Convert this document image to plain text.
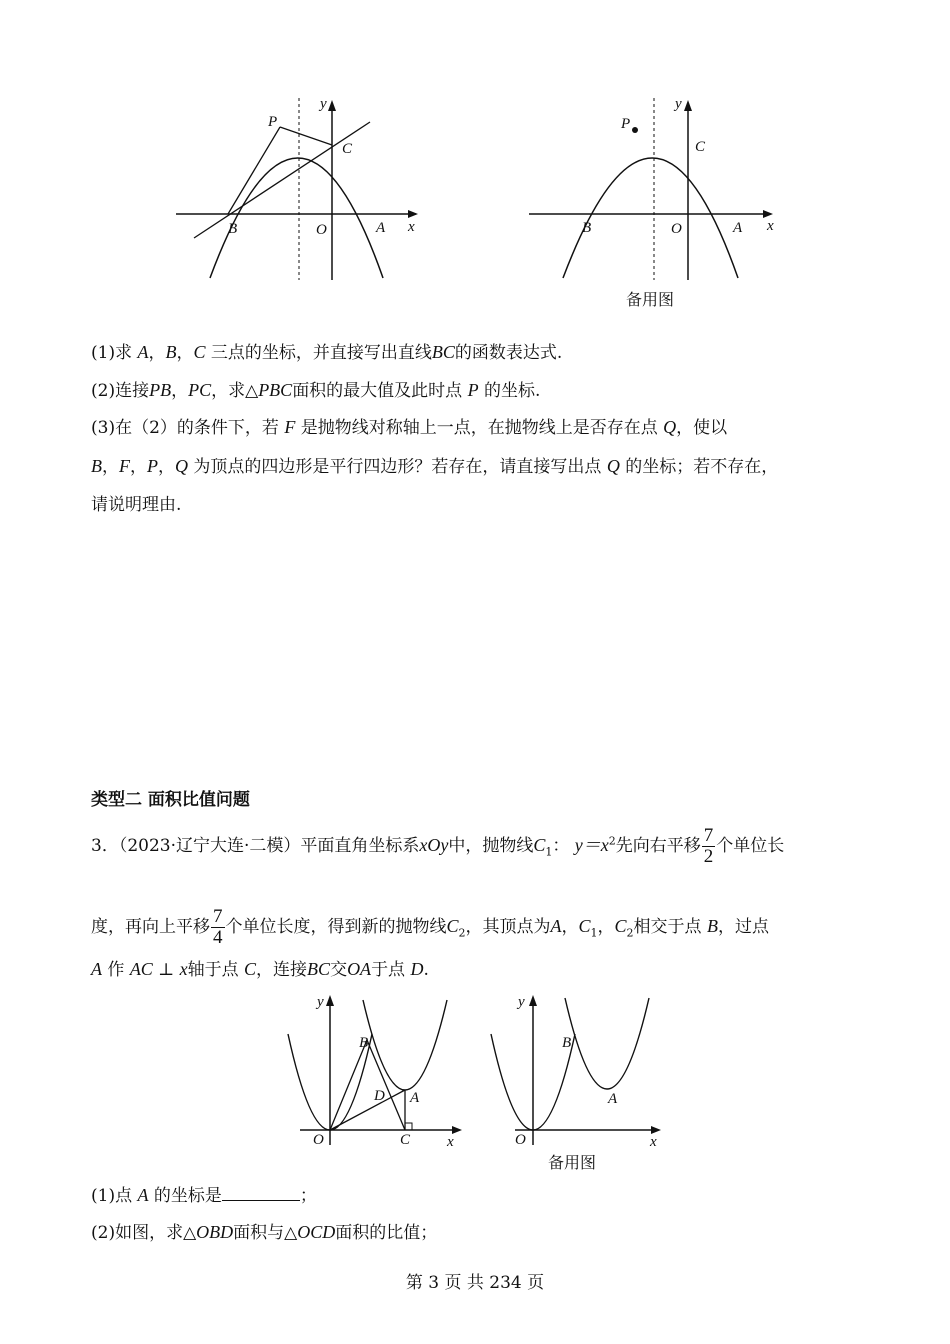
y
P
C
B	O	A x
y
P
C
B	O	A x
备用图
(1)求 A，B，C 三点的坐标，并直接写出直线BC的函数表达式.
(2)连接PB，PC，求△PBC面积的最大值及此时点 P 的坐标.
(3)在（2）的条件下，若 F 是抛物线对称轴上一点，在抛物线上是否存在点 Q，使以
B，F，P，Q 为顶点的四边形是平行四边形？若存在，请直接写出点 Q 的坐标；若不存在，
请说明理由.
类型二 面积比值问题
3．（2023·辽宁大连·二模）平面直角坐标系xOy中，抛物线$C_1$： $y=x^2$先向右平移 $\frac{7}{2}$ 个单位长
度，再向上平移 $\frac{7}{4}$ 个单位长度，得到新的抛物线$C_2$，其顶点为A，$C_1$，$C_2$相交于点 B，过点
A 作 AC ⊥ x轴于点 C，连接BC交OA于点 D.
y
B
D A
O	C x
y
B
A
O	x
备用图
(1)点 A 的坐标是	；
(2)如图，求△OBD面积与△OCD面积的比值；
第 3 页 共 234 页
